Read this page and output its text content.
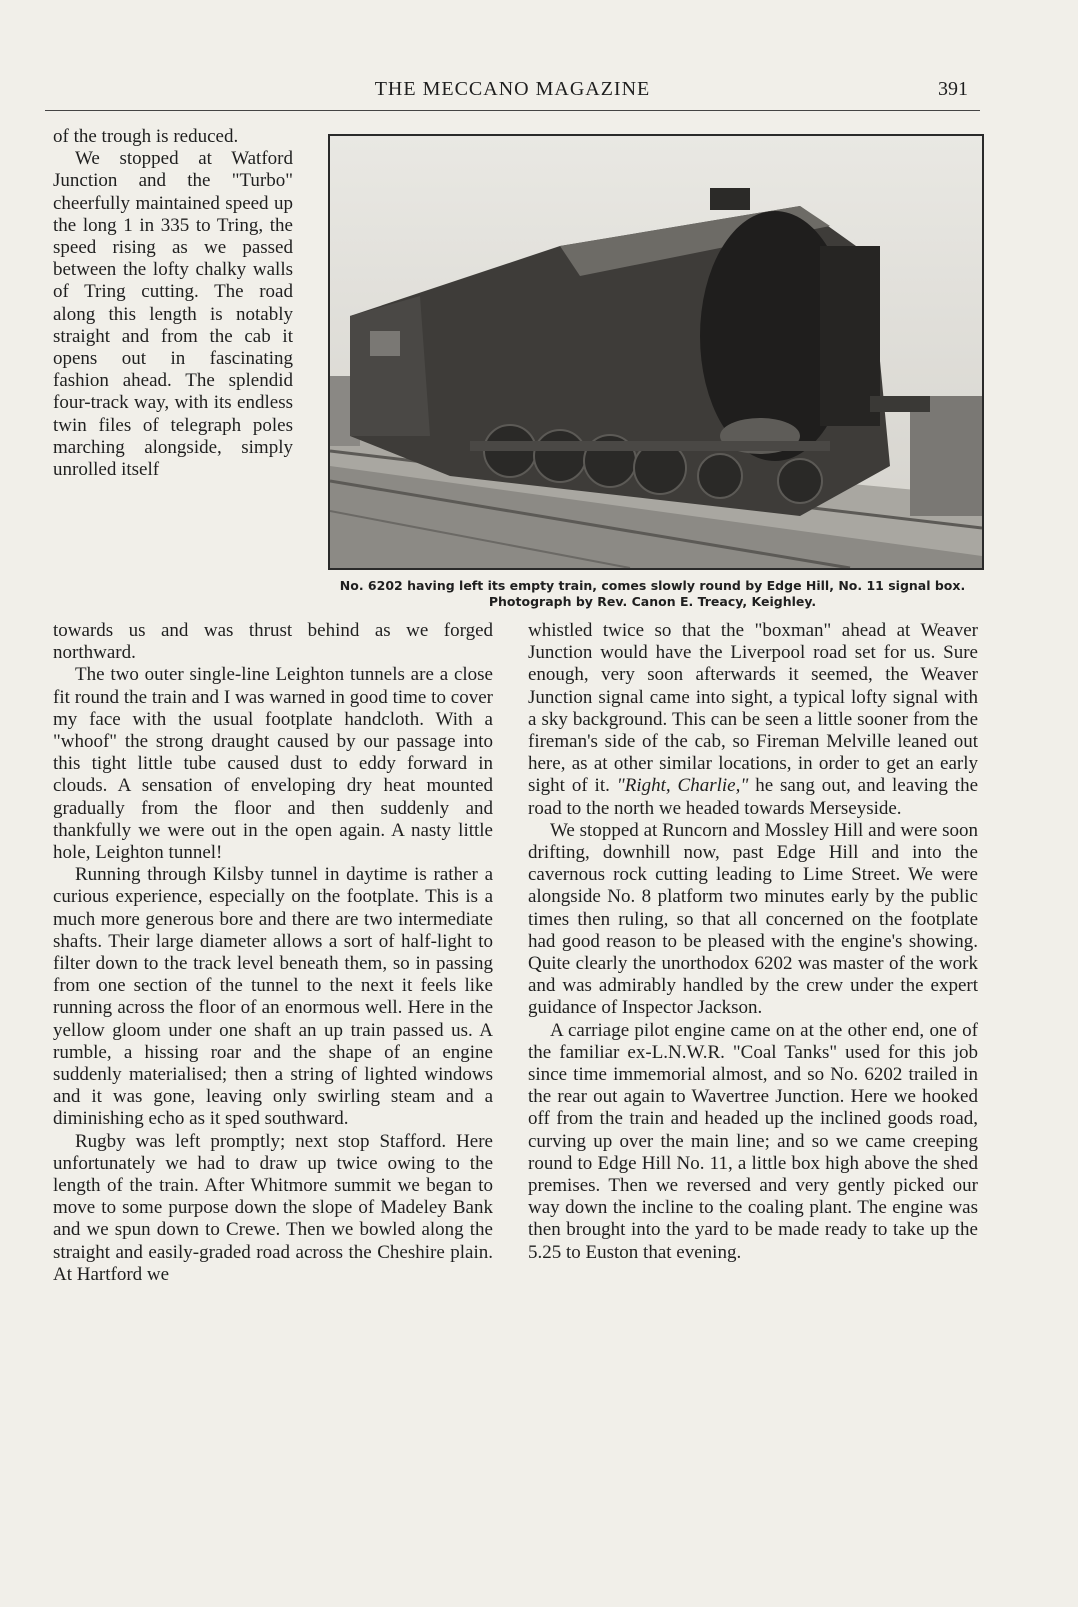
THE MECCANO MAGAZINE	391

of the trough is reduced.

We stopped at Watford Junction and the "Turbo" cheerfully maintained speed up the long 1 in 335 to Tring, the speed rising as we passed between the lofty chalky walls of Tring cutting. The road along this length is notably straight and from the cab it opens out in fascinating fashion ahead. The splendid four-track way, with its endless twin files of telegraph poles marching alongside, simply unrolled itself

No. 6202 having left its empty train, comes slowly round by Edge Hill, No. 11 signal box. Photograph by Rev. Canon E. Treacy, Keighley.

towards us and was thrust behind as we forged northward.

The two outer single-line Leighton tunnels are a close fit round the train and I was warned in good time to cover my face with the usual footplate handcloth. With a "whoof" the strong draught caused by our passage into this tight little tube caused dust to eddy forward in clouds. A sensation of enveloping dry heat mounted gradually from the floor and then suddenly and thankfully we were out in the open again. A nasty little hole, Leighton tunnel!

Running through Kilsby tunnel in daytime is rather a curious experience, especially on the footplate. This is a much more generous bore and there are two intermediate shafts. Their large diameter allows a sort of half-light to filter down to the track level beneath them, so in passing from one section of the tunnel to the next it feels like running across the floor of an enormous well. Here in the yellow gloom under one shaft an up train passed us. A rumble, a hissing roar and the shape of an engine suddenly materialised; then a string of lighted windows and it was gone, leaving only swirling steam and a diminishing echo as it sped southward.

Rugby was left promptly; next stop Stafford. Here unfortunately we had to draw up twice owing to the length of the train. After Whitmore summit we began to move to some purpose down the slope of Madeley Bank and we spun down to Crewe. Then we bowled along the straight and easily-graded road across the Cheshire plain. At Hartford we

whistled twice so that the "boxman" ahead at Weaver Junction would have the Liverpool road set for us. Sure enough, very soon afterwards it seemed, the Weaver Junction signal came into sight, a typical lofty signal with a sky background. This can be seen a little sooner from the fireman's side of the cab, so Fireman Melville leaned out here, as at other similar locations, in order to get an early sight of it. "Right, Charlie," he sang out, and leaving the road to the north we headed towards Merseyside.

We stopped at Runcorn and Mossley Hill and were soon drifting, downhill now, past Edge Hill and into the cavernous rock cutting leading to Lime Street. We were alongside No. 8 platform two minutes early by the public times then ruling, so that all concerned on the footplate had good reason to be pleased with the engine's showing. Quite clearly the unorthodox 6202 was master of the work and was admirably handled by the crew under the expert guidance of Inspector Jackson.

A carriage pilot engine came on at the other end, one of the familiar ex-L.N.W.R. "Coal Tanks" used for this job since time immemorial almost, and so No. 6202 trailed in the rear out again to Wavertree Junction. Here we hooked off from the train and headed up the inclined goods road, curving up over the main line; and so we came creeping round to Edge Hill No. 11, a little box high above the shed premises. Then we reversed and very gently picked our way down the incline to the coaling plant. The engine was then brought into the yard to be made ready to take up the 5.25 to Euston that evening.
